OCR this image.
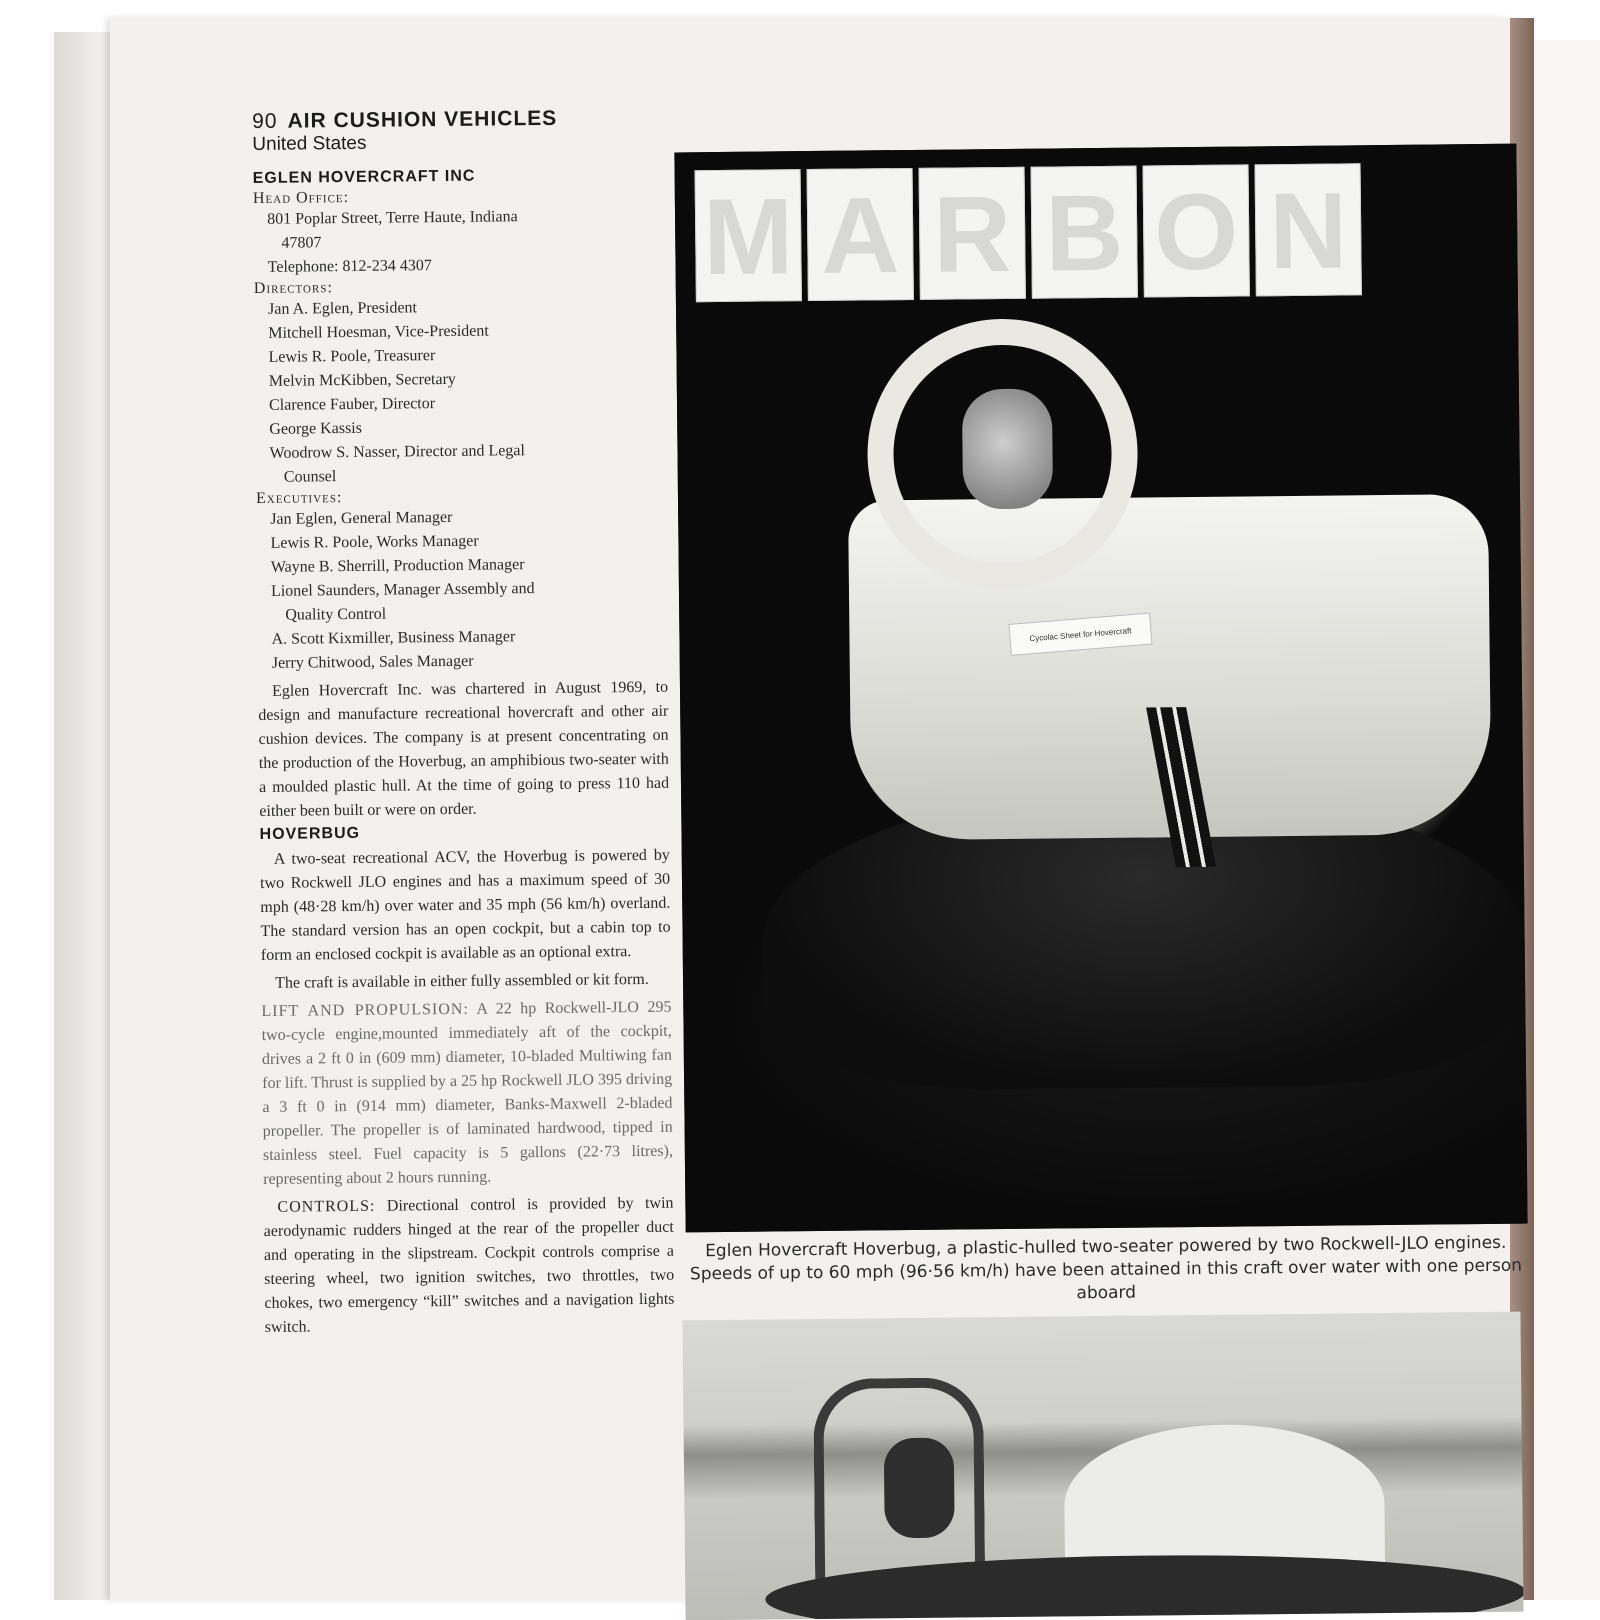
90 AIR CUSHION VEHICLES

United States

EGLEN HOVERCRAFT INC

Head Office:

801 Poplar Street, Terre Haute, Indiana

47807

Telephone: 812-234 4307

Directors:

Jan A. Eglen, President

Mitchell Hoesman, Vice-President

Lewis R. Poole, Treasurer

Melvin McKibben, Secretary

Clarence Fauber, Director

George Kassis

Woodrow S. Nasser, Director and Legal

Counsel

Executives:

Jan Eglen, General Manager

Lewis R. Poole, Works Manager

Wayne B. Sherrill, Production Manager

Lionel Saunders, Manager Assembly and

Quality Control

A. Scott Kixmiller, Business Manager

Jerry Chitwood, Sales Manager

Eglen Hovercraft Inc. was chartered in August 1969, to design and manufacture recreational hovercraft and other air cushion devices. The company is at present concentrating on the production of the Hoverbug, an amphibious two-seater with a moulded plastic hull. At the time of going to press 110 had either been built or were on order.

HOVERBUG

A two-seat recreational ACV, the Hoverbug is powered by two Rockwell JLO engines and has a maximum speed of 30 mph (48·28 km/h) over water and 35 mph (56 km/h) overland. The standard version has an open cockpit, but a cabin top to form an enclosed cockpit is available as an optional extra.

The craft is available in either fully assembled or kit form.

LIFT AND PROPULSION: A 22 hp Rockwell-JLO 295 two-cycle engine,mounted immediately aft of the cockpit, drives a 2 ft 0 in (609 mm) diameter, 10-bladed Multiwing fan for lift. Thrust is supplied by a 25 hp Rockwell JLO 395 driving a 3 ft 0 in (914 mm) diameter, Banks-Maxwell 2-bladed propeller. The propeller is of laminated hardwood, tipped in stainless steel. Fuel capacity is 5 gallons (22·73 litres), representing about 2 hours running.

CONTROLS: Directional control is provided by twin aerodynamic rudders hinged at the rear of the propeller duct and operating in the slipstream. Cockpit controls comprise a steering wheel, two ignition switches, two throttles, two chokes, two emergency “kill” switches and a navigation lights switch.

M A R B O N
Cycolac Sheet for Hovercraft

Eglen Hovercraft Hoverbug, a plastic-hulled two-seater powered by two Rockwell-JLO engines. Speeds of up to 60 mph (96·56 km/h) have been attained in this craft over water with one person aboard
